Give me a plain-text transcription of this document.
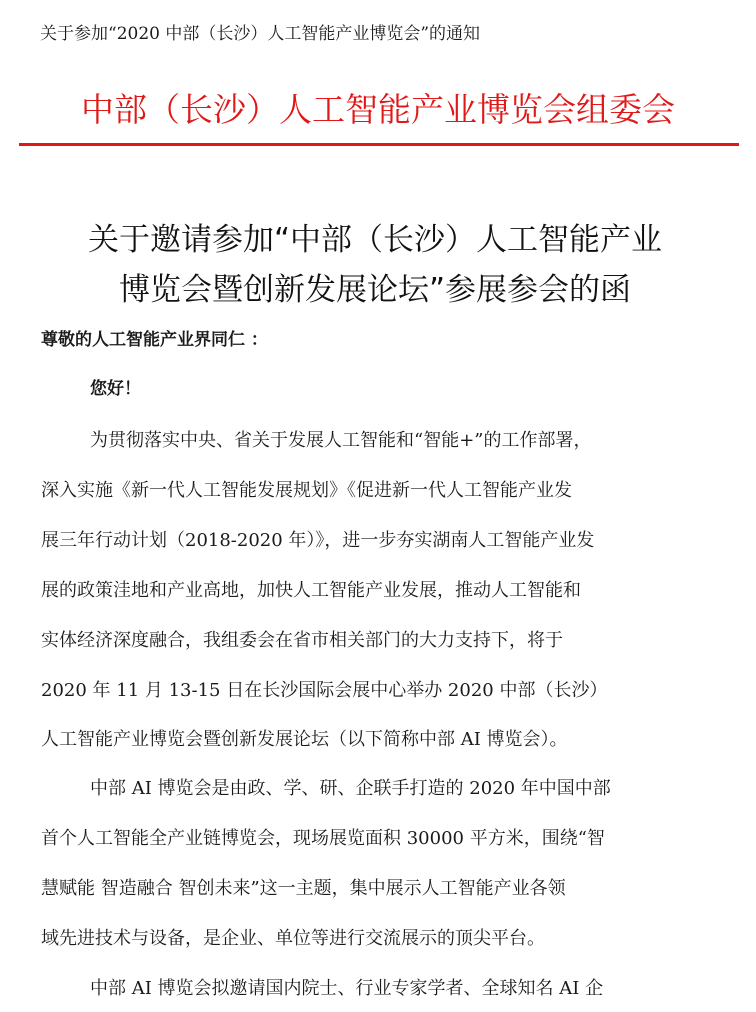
关于参加“2020 中部（长沙）人工智能产业博览会”的通知
中部（长沙）人工智能产业博览会组委会
关于邀请参加“中部（长沙）人工智能产业
博览会暨创新发展论坛”参展参会的函
尊敬的人工智能产业界同仁 ：
您好！
为贯彻落实中央、省关于发展人工智能和“智能+”的工作部署，
深入实施《新一代人工智能发展规划》《促进新一代人工智能产业发
展三年行动计划（2018-2020 年）》，进一步夯实湖南人工智能产业发
展的政策洼地和产业高地，加快人工智能产业发展，推动人工智能和
实体经济深度融合，我组委会在省市相关部门的大力支持下，将于
2020 年 11 月 13-15 日在长沙国际会展中心举办 2020 中部（长沙）
人工智能产业博览会暨创新发展论坛（以下简称中部 AI 博览会）。
中部 AI 博览会是由政、学、研、企联手打造的 2020 年中国中部
首个人工智能全产业链博览会，现场展览面积 30000 平方米，围绕“智
慧赋能 智造融合 智创未来”这一主题，集中展示人工智能产业各领
域先进技术与设备，是企业、单位等进行交流展示的顶尖平台。
中部 AI 博览会拟邀请国内院士、行业专家学者、全球知名 AI 企
